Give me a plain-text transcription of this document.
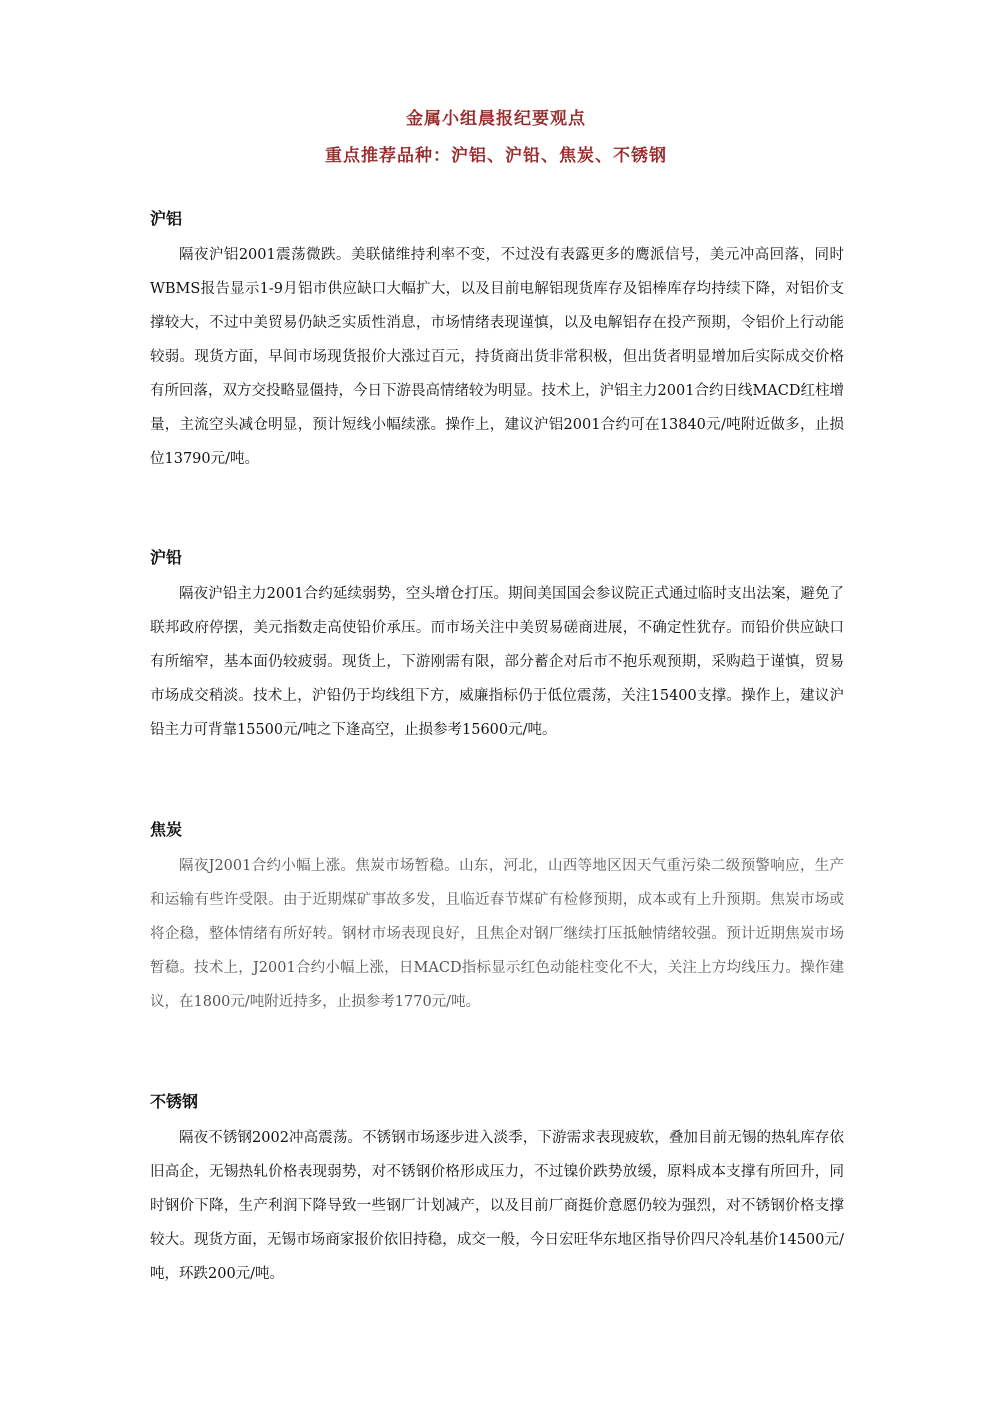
金属小组晨报纪要观点
重点推荐品种：沪铝、沪铅、焦炭、不锈钢
沪铝
隔夜沪铝2001震荡微跌。美联储维持利率不变，不过没有表露更多的鹰派信号，美元冲高回落，同时WBMS报告显示1-9月铝市供应缺口大幅扩大，以及目前电解铝现货库存及铝棒库存均持续下降，对铝价支撑较大，不过中美贸易仍缺乏实质性消息，市场情绪表现谨慎，以及电解铝存在投产预期，令铝价上行动能较弱。现货方面，早间市场现货报价大涨过百元，持货商出货非常积极，但出货者明显增加后实际成交价格有所回落，双方交投略显僵持，今日下游畏高情绪较为明显。技术上，沪铝主力2001合约日线MACD红柱增量，主流空头减仓明显，预计短线小幅续涨。操作上，建议沪铝2001合约可在13840元/吨附近做多，止损位13790元/吨。
沪铅
隔夜沪铅主力2001合约延续弱势，空头增仓打压。期间美国国会参议院正式通过临时支出法案，避免了联邦政府停摆，美元指数走高使铅价承压。而市场关注中美贸易磋商进展，不确定性犹存。而铅价供应缺口有所缩窄，基本面仍较疲弱。现货上，下游刚需有限，部分蓄企对后市不抱乐观预期，采购趋于谨慎，贸易市场成交稍淡。技术上，沪铅仍于均线组下方，威廉指标仍于低位震荡，关注15400支撑。操作上，建议沪铅主力可背靠15500元/吨之下逢高空，止损参考15600元/吨。
焦炭
隔夜J2001合约小幅上涨。焦炭市场暂稳。山东，河北，山西等地区因天气重污染二级预警响应，生产和运输有些许受限。由于近期煤矿事故多发，且临近春节煤矿有检修预期，成本或有上升预期。焦炭市场或将企稳，整体情绪有所好转。钢材市场表现良好，且焦企对钢厂继续打压抵触情绪较强。预计近期焦炭市场暂稳。技术上，J2001合约小幅上涨，日MACD指标显示红色动能柱变化不大，关注上方均线压力。操作建议，在1800元/吨附近持多，止损参考1770元/吨。
不锈钢
隔夜不锈钢2002冲高震荡。不锈钢市场逐步进入淡季，下游需求表现疲软，叠加目前无锡的热轧库存依旧高企，无锡热轧价格表现弱势，对不锈钢价格形成压力，不过镍价跌势放缓，原料成本支撑有所回升，同时钢价下降，生产利润下降导致一些钢厂计划减产，以及目前厂商挺价意愿仍较为强烈，对不锈钢价格支撑较大。现货方面，无锡市场商家报价依旧持稳，成交一般，今日宏旺华东地区指导价四尺冷轧基价14500元/吨，环跌200元/吨。
